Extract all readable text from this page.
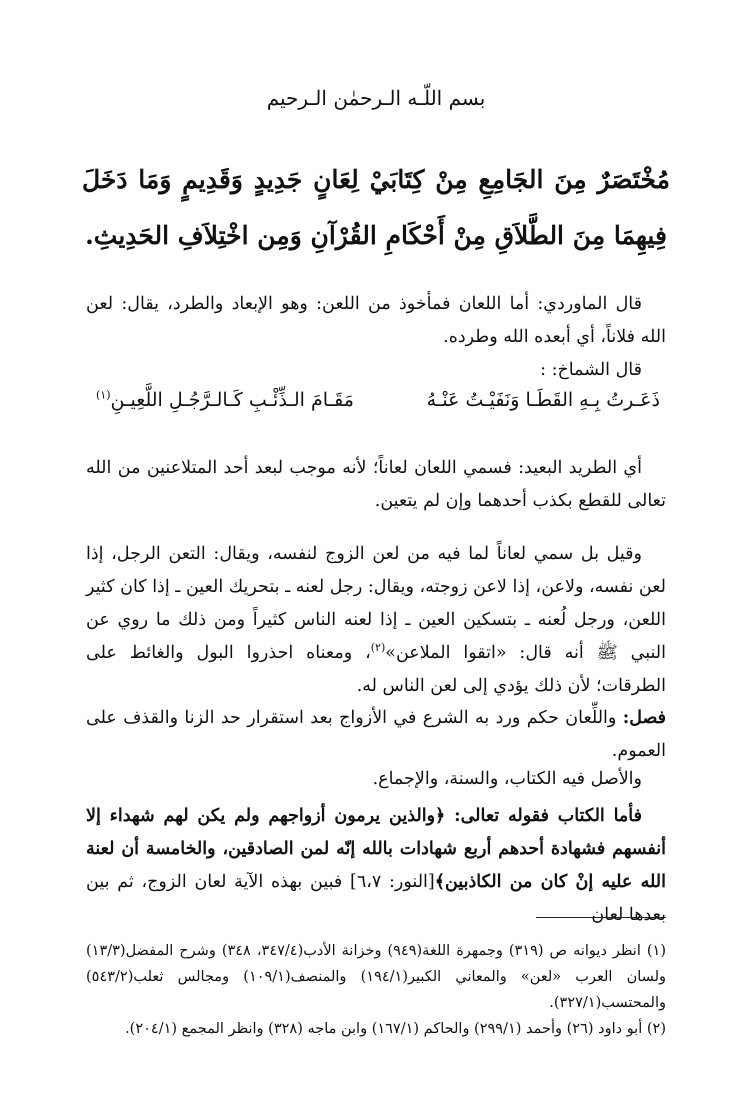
بسم اللّـه الـرحمٰن الـرحيم
مُخْتَصَرٌ مِنَ الجَامِعِ مِنْ كِتَابَيْ لِعَانٍ جَدِيدٍ وَقَدِيمٍ وَمَا دَخَلَ فِيهِمَا مِنَ الطَّلاَقِ مِنْ أَحْكَامِ القُرْآنِ وَمِن اخْتِلاَفِ الحَدِيثِ.
قال الماوردي: أما اللعان فمأخوذ من اللعن: وهو الإبعاد والطرد، يقال: لعن الله فلاناً، أي أبعده الله وطرده.
قال الشماخ: :
ذَعَـرتُ بِـهِ القَطَـا وَنَفَيْـتُ عَنْـهُ
مَقَـامَ الـذِّئْـبِ كَـالـرَّجُـلِ اللَّعِيـنِ$^{(١)}$
أي الطريد البعيد: فسمي اللعان لعاناً؛ لأنه موجب لبعد أحد المتلاعنين من الله تعالى للقطع بكذب أحدهما وإن لم يتعين.
وقيل بل سمي لعاناً لما فيه من لعن الزوج لنفسه، ويقال: التعن الرجل، إذا لعن نفسه، ولاعن، إذا لاعن زوجته، ويقال: رجل لعنه ـ بتحريك العين ـ إذا كان كثير اللعن، ورجل لُعنه ـ بتسكين العين ـ إذا لعنه الناس كثيراً ومن ذلك ما روي عن النبي ﷺ أنه قال: «اتقوا الملاعن»$^{(٢)}$، ومعناه احذروا البول والغائط على الطرقات؛ لأن ذلك يؤدي إلى لعن الناس له.
فصل: واللِّعان حكم ورد به الشرع في الأزواج بعد استقرار حد الزنا والقذف على العموم.
والأصل فيه الكتاب، والسنة، والإجماع.
فأما الكتاب فقوله تعالى: ﴿والذين يرمون أزواجهم ولم يكن لهم شهداء إلا أنفسهم فشهادة أحدهم أربع شهادات بالله إنّه لمن الصادقين، والخامسة أن لعنة الله عليه إنْ كان من الكاذبين﴾[النور: ٦،٧] فبين بهذه الآية لعان الزوج، ثم بين بعدها لعان

(١) انظر ديوانه ص (٣١٩) وجمهرة اللغة(٩٤٩) وخزانة الأدب(٣٤٧/٤، ٣٤٨) وشرح المفضل(١٣/٣) ولسان العرب «لعن» والمعاني الكبير(١٩٤/١) والمنصف(١٠٩/١) ومجالس ثعلب(٥٤٣/٢) والمحتسب(٣٢٧/١).

(٢) أبو داود (٢٦) وأحمد (٢٩٩/١) والحاكم (١٦٧/١) وابن ماجه (٣٢٨) وانظر المجمع (٢٠٤/١).
